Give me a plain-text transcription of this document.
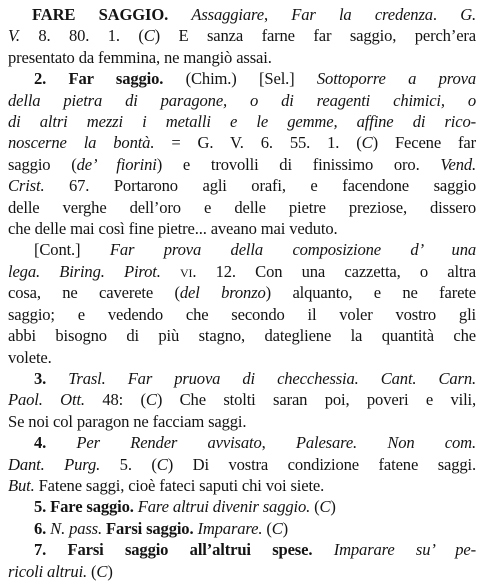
FARE SAGGIO. Assaggiare, Far la credenza. G.
V. 8. 80. 1. (C) E sanza farne far saggio, perch’era
presentato da femmina, ne mangiò assai.
2. Far saggio. (Chim.) [Sel.] Sottoporre a prova
della pietra di paragone, o di reagenti chimici, o
di altri mezzi i metalli e le gemme, affine di rico-
noscerne la bontà. = G. V. 6. 55. 1. (C) Fecene far
saggio (de’ fiorini) e trovolli di finissimo oro. Vend.
Crist. 67. Portarono agli orafi, e facendone saggio
delle verghe dell’oro e delle pietre preziose, dissero
che delle mai così fine pietre... aveano mai veduto.
[Cont.] Far prova della composizione d’ una
lega. Biring. Pirot. vi. 12. Con una cazzetta, o altra
cosa, ne caverete (del bronzo) alquanto, e ne farete
saggio; e vedendo che secondo il voler vostro gli
abbi bisogno di più stagno, dategliene la quantità che
volete.
3. Trasl. Far pruova di checchessia. Cant. Carn.
Paol. Ott. 48: (C) Che stolti saran poi, poveri e vili,
Se noi col paragon ne facciam saggi.
4. Per Render avvisato, Palesare. Non com.
Dant. Purg. 5. (C) Di vostra condizione fatene saggi.
But. Fatene saggi, cioè fateci saputi chi voi siete.
5. Fare saggio. Fare altrui divenir saggio. (C)
6. N. pass. Farsi saggio. Imparare. (C)
7. Farsi saggio all’altrui spese. Imparare su’ pe-
ricoli altrui. (C)
